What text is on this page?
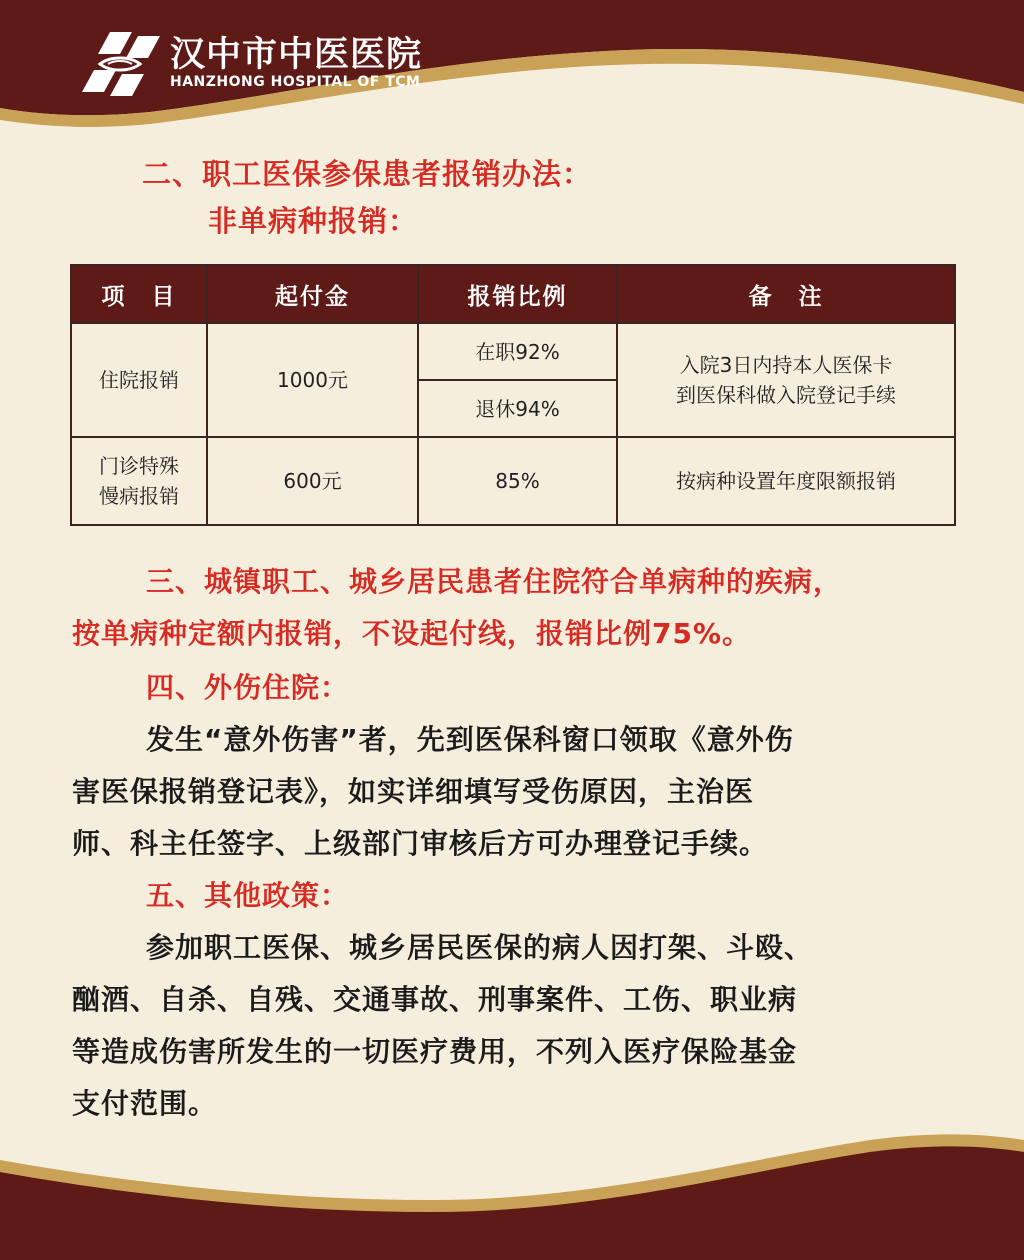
汉中市中医医院
HANZHONG HOSPITAL OF TCM
二、职工医保参保患者报销办法：
非单病种报销：
项　目	起付金	报销比例	备　注
住院报销	1000元	在职92%	入院3日内持本人医保卡
到医保科做入院登记手续

		退休94%	

门诊特殊
慢病报销	600元	85%	按病种设置年度限额报销
三、城镇职工、城乡居民患者住院符合单病种的疾病，
按单病种定额内报销，不设起付线，报销比例75%。
四、外伤住院：
发生“意外伤害”者，先到医保科窗口领取《意外伤
害医保报销登记表》，如实详细填写受伤原因，主治医
师、科主任签字、上级部门审核后方可办理登记手续。
五、其他政策：
参加职工医保、城乡居民医保的病人因打架、斗殴、
酗酒、自杀、自残、交通事故、刑事案件、工伤、职业病
等造成伤害所发生的一切医疗费用，不列入医疗保险基金
支付范围。
